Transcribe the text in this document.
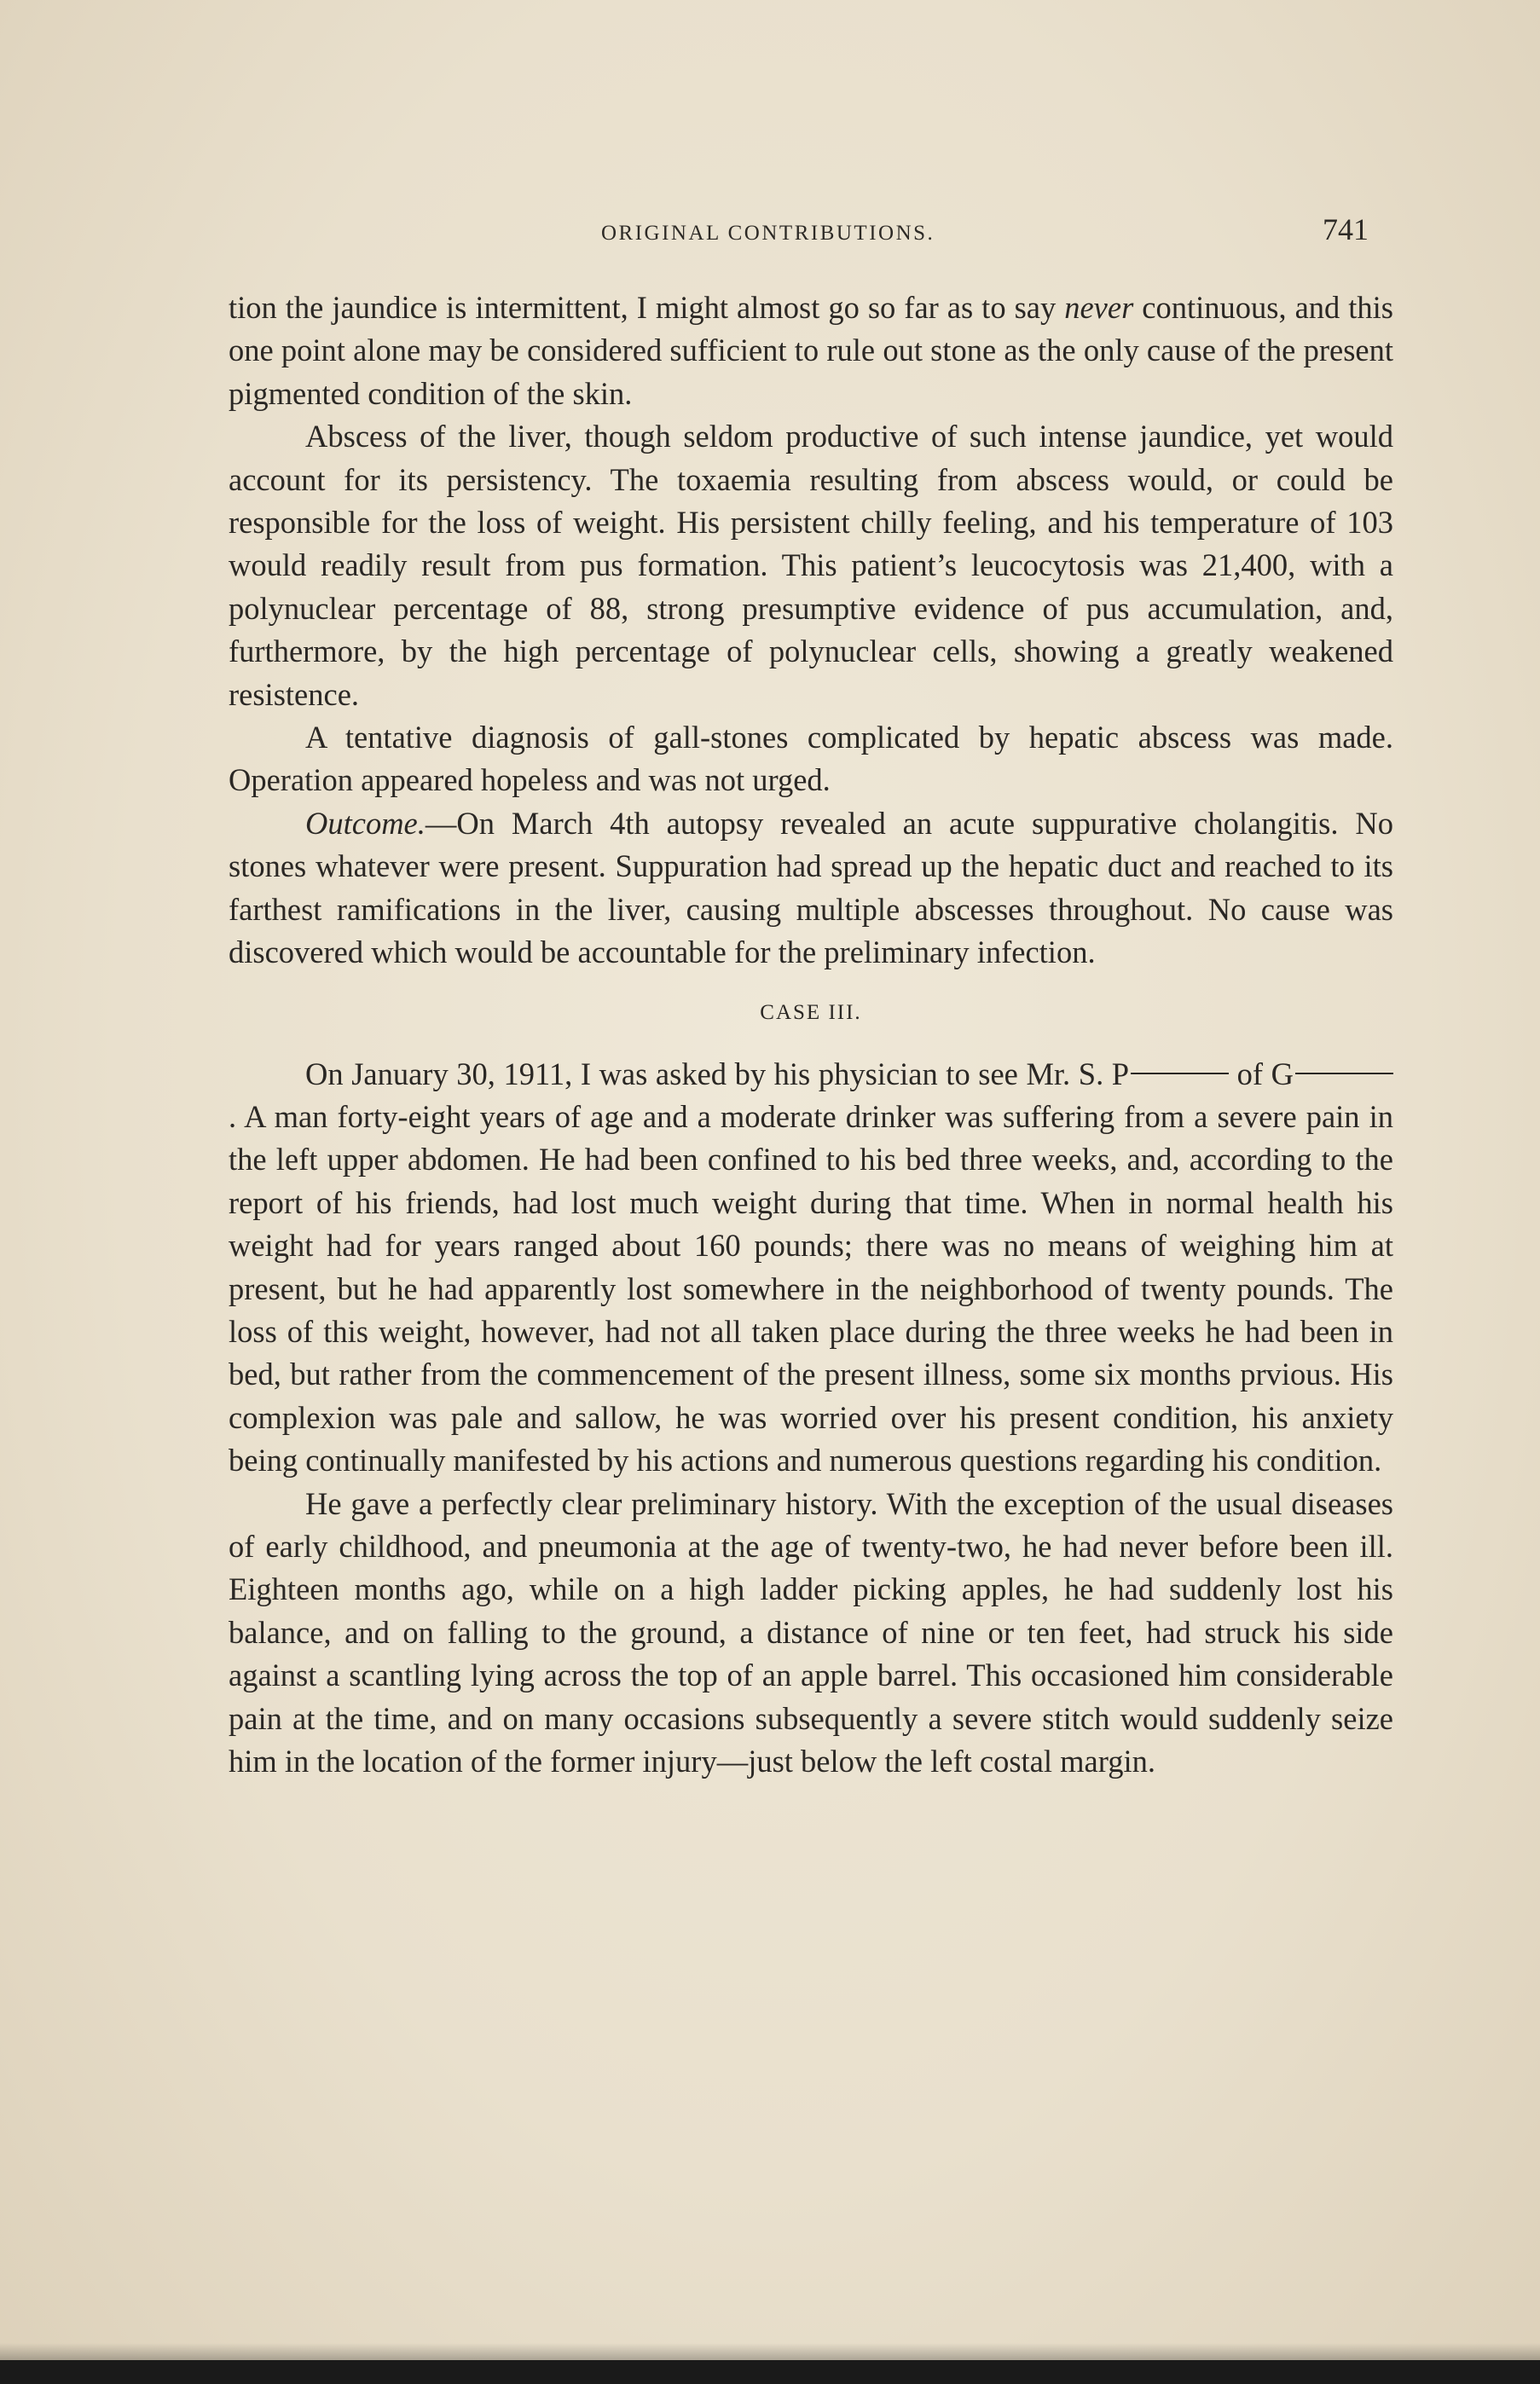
ORIGINAL CONTRIBUTIONS.	741

tion the jaundice is intermittent, I might almost go so far as to say never continuous, and this one point alone may be considered sufficient to rule out stone as the only cause of the present pigmented condition of the skin.

Abscess of the liver, though seldom productive of such intense jaundice, yet would account for its persistency. The toxaemia resulting from abscess would, or could be responsible for the loss of weight. His persistent chilly feeling, and his temperature of 103 would readily result from pus formation. This patient’s leucocytosis was 21,400, with a polynuclear percentage of 88, strong presumptive evidence of pus accumulation, and, furthermore, by the high percentage of polynuclear cells, showing a greatly weakened resistence.

A tentative diagnosis of gall-stones complicated by hepatic abscess was made. Operation appeared hopeless and was not urged.

Outcome.—On March 4th autopsy revealed an acute suppurative cholangitis. No stones whatever were present. Suppuration had spread up the hepatic duct and reached to its farthest ramifications in the liver, causing multiple abscesses throughout. No cause was discovered which would be accountable for the preliminary infection.

CASE III.

On January 30, 1911, I was asked by his physician to see Mr. S. P	of G. A man forty-eight years of age and a moderate drinker was suffering from a severe pain in the left upper abdomen. He had been confined to his bed three weeks, and, according to the report of his friends, had lost much weight during that time. When in normal health his weight had for years ranged about 160 pounds; there was no means of weighing him at present, but he had apparently lost somewhere in the neighborhood of twenty pounds. The loss of this weight, however, had not all taken place during the three weeks he had been in bed, but rather from the commencement of the present illness, some six months prvious. His complexion was pale and sallow, he was worried over his present condition, his anxiety being continually manifested by his actions and numerous questions regarding his condition.

He gave a perfectly clear preliminary history. With the exception of the usual diseases of early childhood, and pneumonia at the age of twenty-two, he had never before been ill. Eighteen months ago, while on a high ladder picking apples, he had suddenly lost his balance, and on falling to the ground, a distance of nine or ten feet, had struck his side against a scantling lying across the top of an apple barrel. This occasioned him considerable pain at the time, and on many occasions subsequently a severe stitch would suddenly seize him in the location of the former injury—just below the left costal margin.
